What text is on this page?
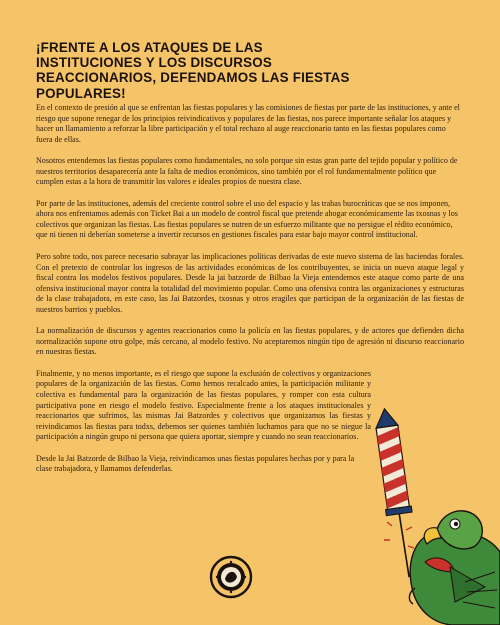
¡FRENTE A LOS ATAQUES DE LAS INSTITUCIONES Y LOS DISCURSOS REACCIONARIOS, DEFENDAMOS LAS FIESTAS POPULARES!

En el contexto de presión al que se enfrentan las fiestas populares y las comisiones de fiestas por parte de las instituciones, y ante el riesgo que supone renegar de los principios reivindicativos y populares de las fiestas, nos parece importante señalar los ataques y hacer un llamamiento a reforzar la libre participación y el total rechazo al auge reaccionario tanto en las fiestas populares como fuera de ellas.

Nosotros entendemos las fiestas populares como fundamentales, no solo porque sin estas gran parte del tejido popular y político de nuestros territorios desaparecería ante la falta de medios económicos, sino también por el rol fundamentalmente político que cumplen estas a la hora de transmitir los valores e ideales propios de nuestra clase.

Por parte de las instituciones, además del creciente control sobre el uso del espacio y las trabas burocráticas que se nos imponen, ahora nos enfrentamos además con Ticket Bai a un modelo de control fiscal que pretende ahogar económicamente las txosnas y los colectivos que organizan las fiestas. Las fiestas populares se nutren de un esfuerzo militante que no persigue el rédito económico, que ni tienen ni deberían someterse a invertir recursos en gestiones fiscales para estar bajo mayor control institucional.

Pero sobre todo, nos parece necesario subrayar las implicaciones políticas derivadas de este nuevo sistema de las haciendas forales. Con el pretexto de controlar los ingresos de las actividades económicas de los contribuyentes, se inicia un nuevo ataque legal y fiscal contra los modelos festivos populares. Desde la jai batzorde de Bilbao la Vieja entendemos este ataque como parte de una ofensiva institucional mayor contra la totalidad del movimiento popular. Como una ofensiva contra las organizaciones y estructuras de la clase trabajadora, en este caso, las Jai Batzordes, txosnas y otros eragiles que participan de la organización de las fiestas de nuestros barrios y pueblos.

La normalización de discursos y agentes reaccionarios como la policía en las fiestas populares, y de actores que defienden dicha normalización supone otro golpe, más cercano, al modelo festivo. No aceptaremos ningún tipo de agresión ni discurso reaccionario en nuestras fiestas.

Finalmente, y no menos importante, es el riesgo que supone la exclusión de colectivos y organizaciones populares de la organización de las fiestas. Como hemos recalcado antes, la participación militante y colectiva es fundamental para la organización de las fiestas populares, y romper con esta cultura participativa pone en riesgo el modelo festivo. Especialmente frente a los ataques institucionales y reaccionarios que sufrimos, las mismas Jai Batzordes y colectivos que organizamos las fiestas y reivindicamos las fiestas para todxs, debemos ser quienes también luchamos para que no se niegue la participación a ningún grupo ni persona que quiera aportar, siempre y cuando no sean reaccionarios.

Desde la Jai Batzorde de Bilbao la Vieja, reivindicamos unas fiestas populares hechas por y para la clase trabajadora, y llamamos defenderlas.
